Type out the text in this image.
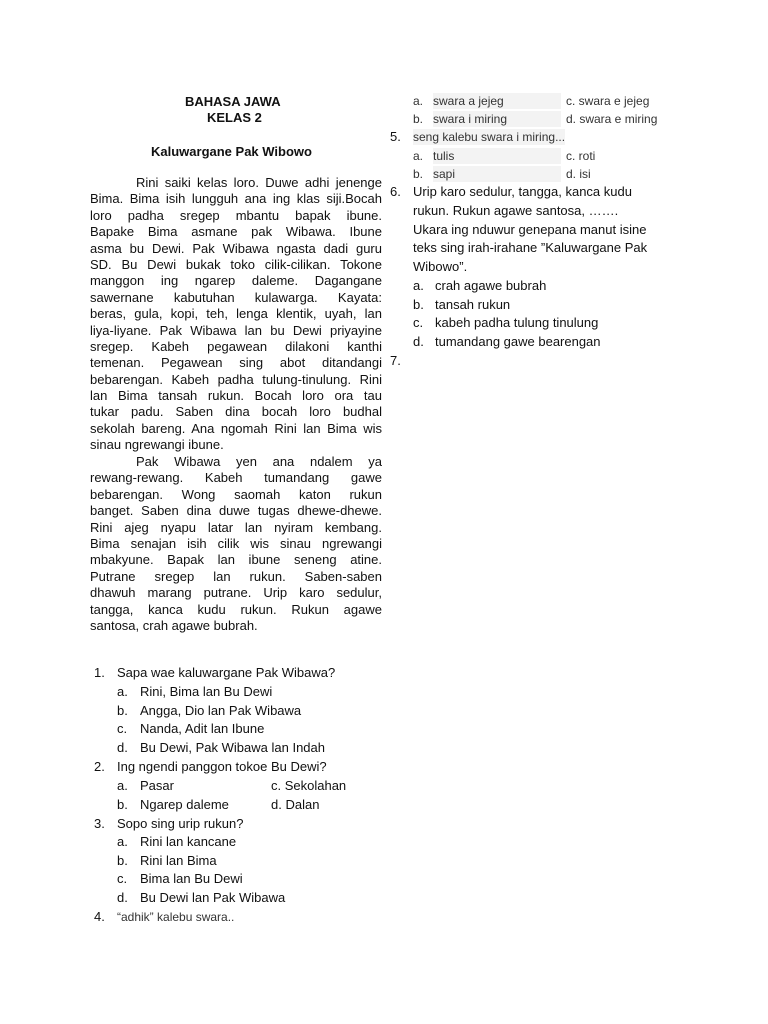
BAHASA JAWA
KELAS 2
Kaluwargane Pak Wibowo
Rini saiki kelas loro. Duwe adhi jenenge
Bima. Bima isih lungguh ana ing klas siji.Bocah
loro padha sregep mbantu bapak ibune.
Bapake Bima asmane pak Wibawa. Ibune
asma bu Dewi. Pak Wibawa ngasta dadi guru
SD. Bu Dewi bukak toko cilik-cilikan. Tokone
manggon ing ngarep daleme. Dagangane
sawernane kabutuhan kulawarga. Kayata:
beras, gula, kopi, teh, lenga klentik, uyah, lan
liya-liyane. Pak Wibawa lan bu Dewi priyayine
sregep. Kabeh pegawean dilakoni kanthi
temenan. Pegawean sing abot ditandangi
bebarengan. Kabeh padha tulung-tinulung. Rini
lan Bima tansah rukun. Bocah loro ora tau
tukar padu. Saben dina bocah loro budhal
sekolah bareng. Ana ngomah Rini lan Bima wis
sinau ngrewangi ibune.
Pak Wibawa yen ana ndalem ya
rewang-rewang. Kabeh tumandang gawe
bebarengan. Wong saomah katon rukun
banget. Saben dina duwe tugas dhewe-dhewe.
Rini ajeg nyapu latar lan nyiram kembang.
Bima senajan isih cilik wis sinau ngrewangi
mbakyune. Bapak lan ibune seneng atine.
Putrane sregep lan rukun. Saben-saben
dhawuh marang putrane. Urip karo sedulur,
tangga, kanca kudu rukun. Rukun agawe
santosa, crah agawe bubrah.
1. Sapa wae kaluwargane Pak Wibawa?
a. Rini, Bima lan Bu Dewi
b. Angga, Dio lan Pak Wibawa
c. Nanda, Adit lan Ibune
d. Bu Dewi, Pak Wibawa lan Indah
2. Ing ngendi panggon tokoe Bu Dewi?
a. Pasar	c. Sekolahan
b. Ngarep daleme	d. Dalan
3. Sopo sing urip rukun?
a. Rini lan kancane
b. Rini lan Bima
c. Bima lan Bu Dewi
d. Bu Dewi lan Pak Wibawa
4. “adhik” kalebu swara..
a. swara a jejeg	c. swara e jejeg
b. swara i miring	d. swara e miring
5. seng kalebu swara i miring...
a. tulis	c. roti
b. sapi	d. isi
6. Urip karo sedulur, tangga, kanca kudu
rukun. Rukun agawe santosa, …….
Ukara ing nduwur genepana manut isine
teks sing irah-irahane ”Kaluwargane Pak
Wibowo”.
a. crah agawe bubrah
b. tansah rukun
c. kabeh padha tulung tinulung
d. tumandang gawe bearengan
7.
